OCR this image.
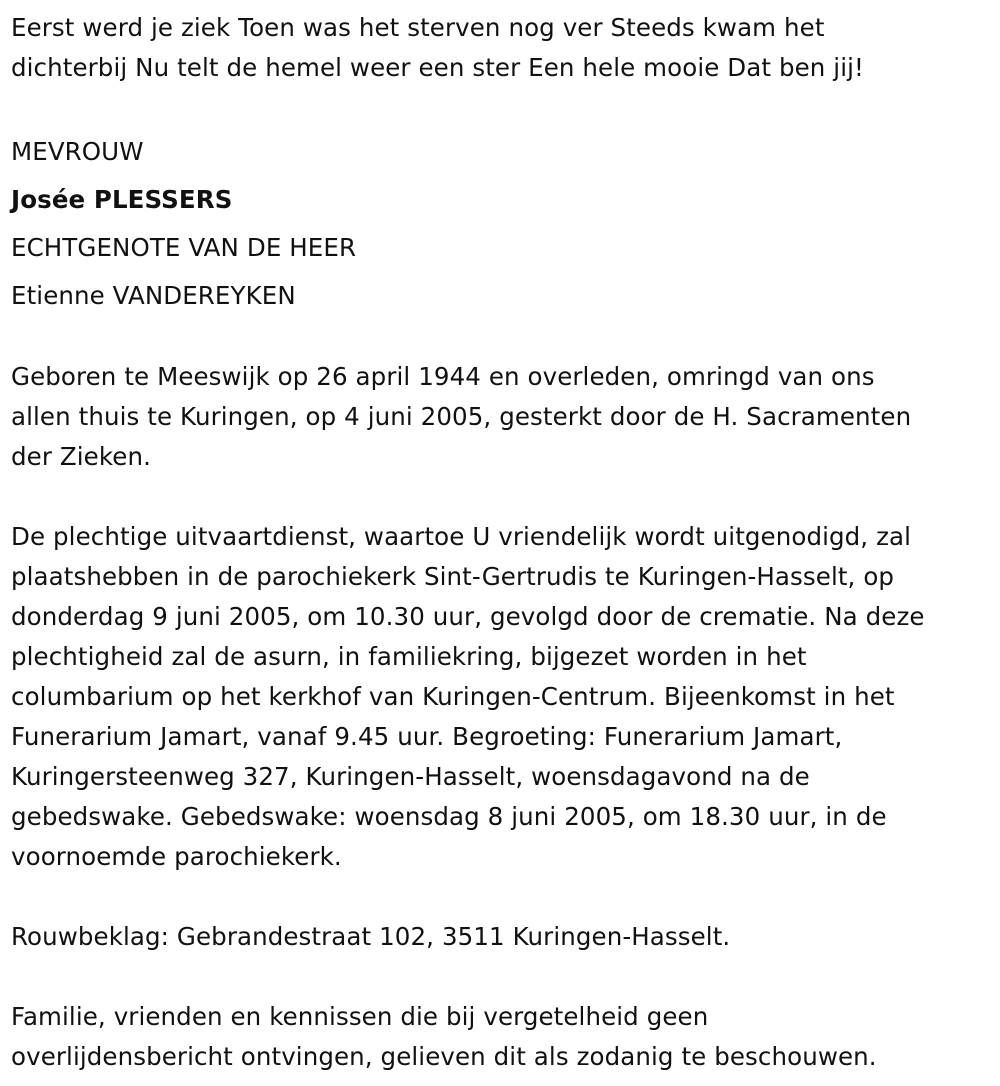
Eerst werd je ziek Toen was het sterven nog ver Steeds kwam het
dichterbij Nu telt de hemel weer een ster Een hele mooie Dat ben jij!
MEVROUW
Josée PLESSERS
ECHTGENOTE VAN DE HEER
Etienne VANDEREYKEN
Geboren te Meeswijk op 26 april 1944 en overleden, omringd van ons
allen thuis te Kuringen, op 4 juni 2005, gesterkt door de H. Sacramenten
der Zieken.
De plechtige uitvaartdienst, waartoe U vriendelijk wordt uitgenodigd, zal
plaatshebben in de parochiekerk Sint-Gertrudis te Kuringen-Hasselt, op
donderdag 9 juni 2005, om 10.30 uur, gevolgd door de crematie. Na deze
plechtigheid zal de asurn, in familiekring, bijgezet worden in het
columbarium op het kerkhof van Kuringen-Centrum. Bijeenkomst in het
Funerarium Jamart, vanaf 9.45 uur. Begroeting: Funerarium Jamart,
Kuringersteenweg 327, Kuringen-Hasselt, woensdagavond na de
gebedswake. Gebedswake: woensdag 8 juni 2005, om 18.30 uur, in de
voornoemde parochiekerk.
Rouwbeklag: Gebrandestraat 102, 3511 Kuringen-Hasselt.
Familie, vrienden en kennissen die bij vergetelheid geen
overlijdensbericht ontvingen, gelieven dit als zodanig te beschouwen.
